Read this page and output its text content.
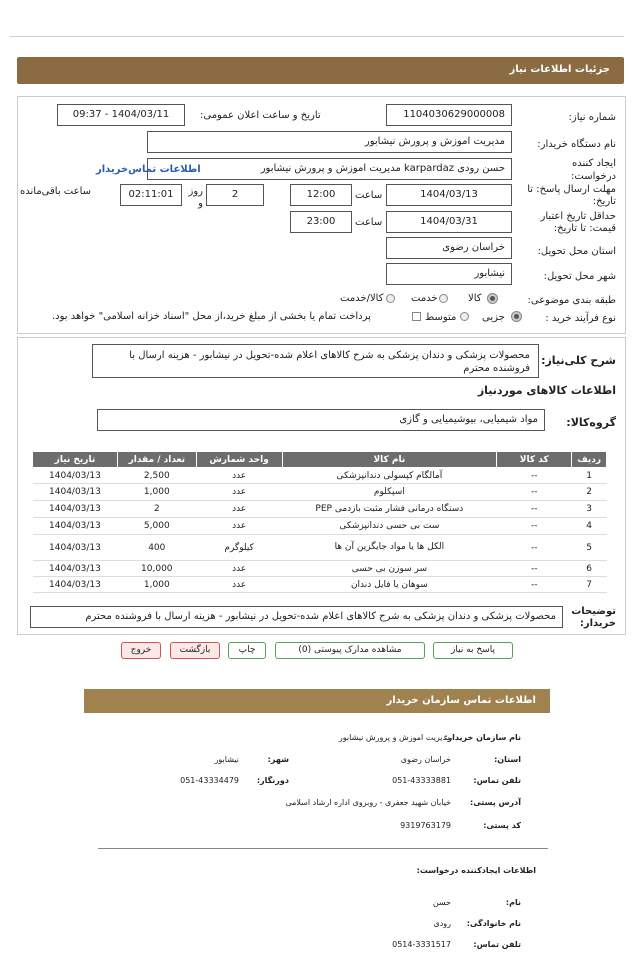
جزئیات اطلاعات نیاز
شماره نیاز:
1104030629000008
تاریخ و ساعت اعلان عمومی:
1404/03/11 - 09:37
نام دستگاه خریدار:
مدیریت اموزش و پرورش نیشابور
ایجاد کننده درخواست:
حسن رودی karpardaz مدیریت اموزش و پرورش نیشابور
اطلاعات تماس‌خریدار
مهلت ارسال پاسخ: تا تاریخ:
1404/03/13
ساعت
12:00
2
روز و
02:11:01
ساعت باقی‌مانده
حداقل تاریخ اعتبار قیمت: تا تاریخ:
1404/03/31
ساعت
23:00
استان محل تحویل:
خراسان رضوی
شهر محل تحویل:
نیشابور
طبقه بندی موضوعی:
کالا
خدمت
کالا/خدمت
نوع فرآیند خرید :
جزیی
متوسط
پرداخت تمام یا بخشی از مبلغ خرید،از محل "اسناد خزانه اسلامی" خواهد بود.
شرح کلی‌نیاز:
محصولات پزشکی و دندان پزشکی به شرح کالاهای اعلام شده-تحویل در نیشابور - هزینه ارسال با فروشنده محترم
اطلاعات کالاهای موردنیاز
گروه‌کالا:
مواد شیمیایی، بیوشیمیایی و گازی
ردیف	کد کالا	نام کالا	واحد شمارش	تعداد / مقدار	تاریخ نیاز
1	--	آمالگام کپسولی دندانپزشکی	عدد	2,500	1404/03/13
2	--	اسپکلوم	عدد	1,000	1404/03/13
3	--	دستگاه درمانی فشار مثبت بازدمی PEP	عدد	2	1404/03/13
4	--	ست بی حسی دندانپزشکی	عدد	5,000	1404/03/13
5	--	الکل ها یا مواد جایگزین آن ها	کیلوگرم	400	1404/03/13
6	--	سر سوزن بی حسی	عدد	10,000	1404/03/13
7	--	سوهان یا فایل دندان	عدد	1,000	1404/03/13
توضیحات خریدار:
محصولات پزشکی و دندان پزشکی به شرح کالاهای اعلام شده-تحویل در نیشابور - هزینه ارسال با فروشنده محترم
پاسخ به نیاز
مشاهده مدارک پیوستی (0)
چاپ
بازگشت
خروج
اطلاعات تماس سازمان خریدار
نام سازمان خریدار:
مدیریت اموزش و پرورش نیشابور
استان:
خراسان رضوی
شهر:
نیشابور
تلفن تماس:
051-43333881
دورنگار:
051-43334479
آدرس پستی:
خیابان شهید جعفری - روبروی اداره ارشاد اسلامی
کد پستی:
9319763179
اطلاعات ایجادکننده درخواست:
نام:
حسن
نام خانوادگی:
رودی
تلفن تماس:
0514-3331517
